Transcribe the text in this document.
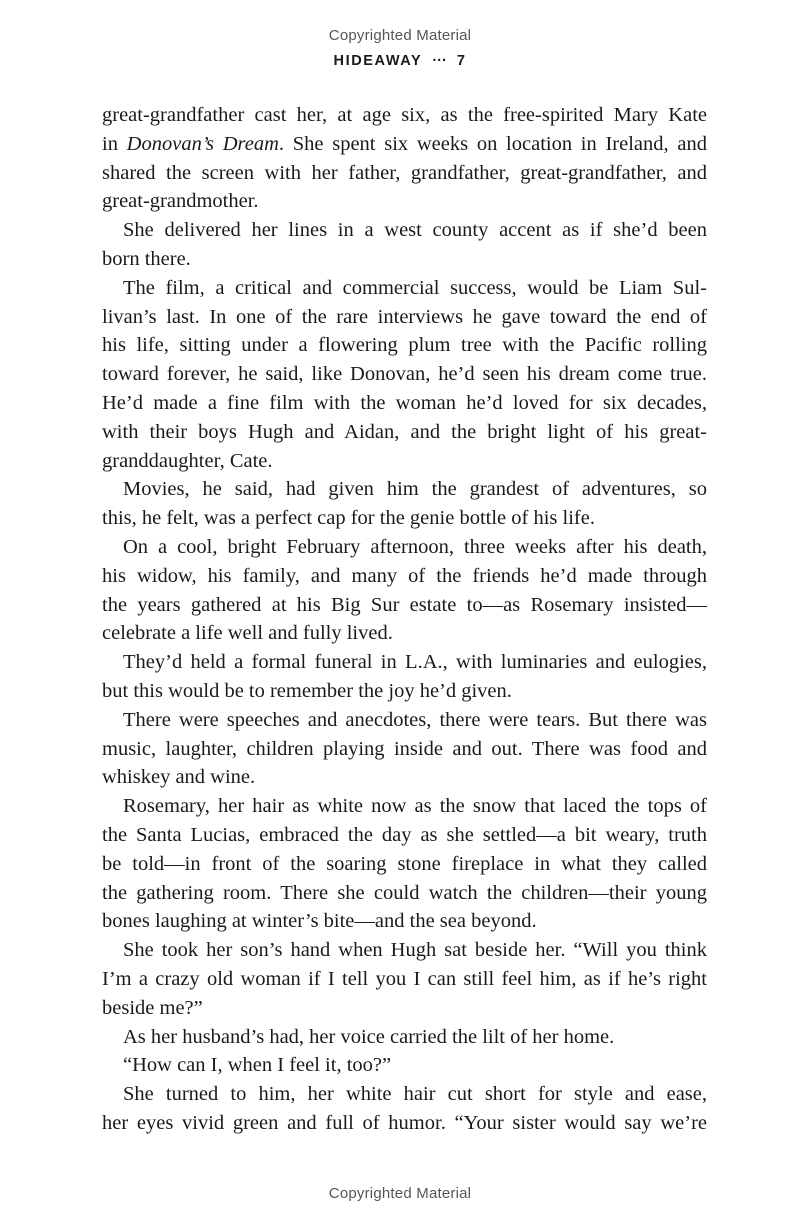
Copyrighted Material
HIDEAWAY ··· 7

great-grandfather cast her, at age six, as the free-spirited Mary Kate
in Donovan’s Dream. She spent six weeks on location in Ireland, and
shared the screen with her father, grandfather, great-grandfather, and
great-grandmother.

She delivered her lines in a west county accent as if she’d been
born there.

The film, a critical and commercial success, would be Liam Sul-
livan’s last. In one of the rare interviews he gave toward the end of
his life, sitting under a flowering plum tree with the Pacific rolling
toward forever, he said, like Donovan, he’d seen his dream come true.
He’d made a fine film with the woman he’d loved for six decades,
with their boys Hugh and Aidan, and the bright light of his great-
granddaughter, Cate.

Movies, he said, had given him the grandest of adventures, so
this, he felt, was a perfect cap for the genie bottle of his life.

On a cool, bright February afternoon, three weeks after his death,
his widow, his family, and many of the friends he’d made through
the years gathered at his Big Sur estate to—as Rosemary insisted—
celebrate a life well and fully lived.

They’d held a formal funeral in L.A., with luminaries and eulogies,
but this would be to remember the joy he’d given.

There were speeches and anecdotes, there were tears. But there was
music, laughter, children playing inside and out. There was food and
whiskey and wine.

Rosemary, her hair as white now as the snow that laced the tops of
the Santa Lucias, embraced the day as she settled—a bit weary, truth
be told—in front of the soaring stone fireplace in what they called
the gathering room. There she could watch the children—their young
bones laughing at winter’s bite—and the sea beyond.

She took her son’s hand when Hugh sat beside her. “Will you think
I’m a crazy old woman if I tell you I can still feel him, as if he’s right
beside me?”

As her husband’s had, her voice carried the lilt of her home.

“How can I, when I feel it, too?”

She turned to him, her white hair cut short for style and ease,
her eyes vivid green and full of humor. “Your sister would say we’re

Copyrighted Material
